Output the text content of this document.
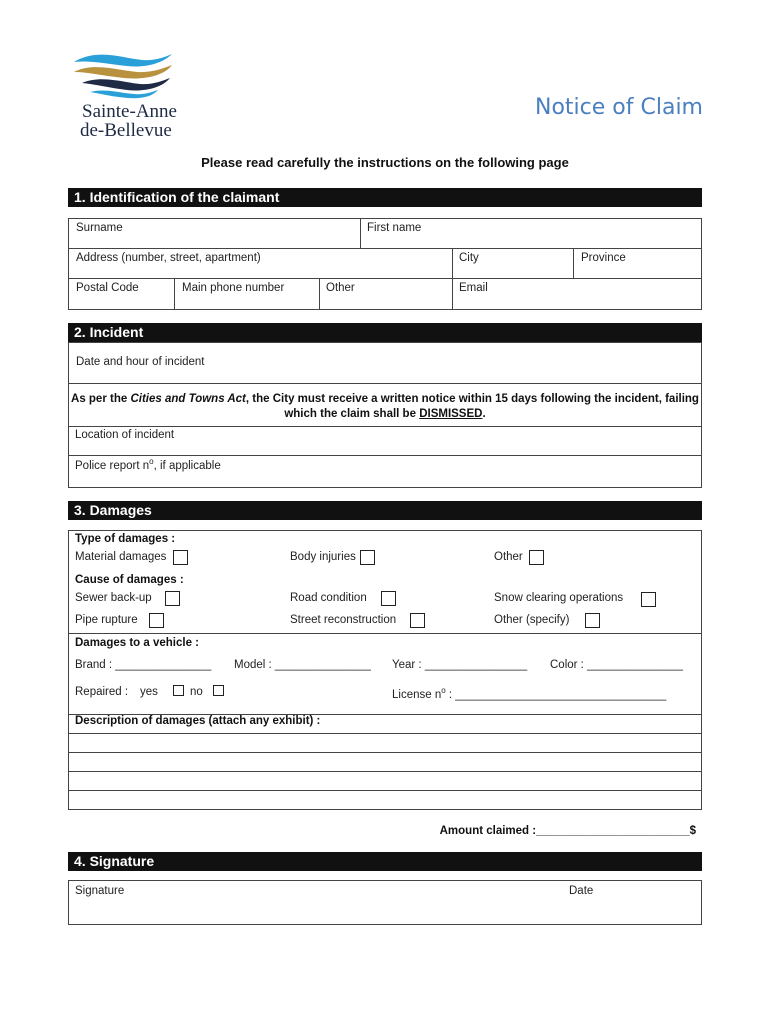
Sainte-Anne
de-Bellevue
Notice of Claim
Please read carefully the instructions on the following page
1. Identification of the claimant
Surname	First name
Address (number, street, apartment)	City	Province
Postal Code	Main phone number	Other	Email
2. Incident
Date and hour of incident
As per the Cities and Towns Act, the City must receive a written notice within 15 days following the incident, failing which the claim shall be DISMISSED.
Location of incident
Police report $n^o$, if applicable
3. Damages
Type of damages :
Material damages	Body injuries	Other
Cause of damages :
Sewer back-up	Road condition	Snow clearing operations
Pipe rupture	Street reconstruction	Other (specify)
Damages to a vehicle :
Brand : _______________ Model : _______________ Year : ________________ Color : _______________
Repaired : yes	no	License $n^o$ : _________________________________
Description of damages (attach any exhibit) :
Amount claimed :________________________$
4. Signature
Signature	Date
